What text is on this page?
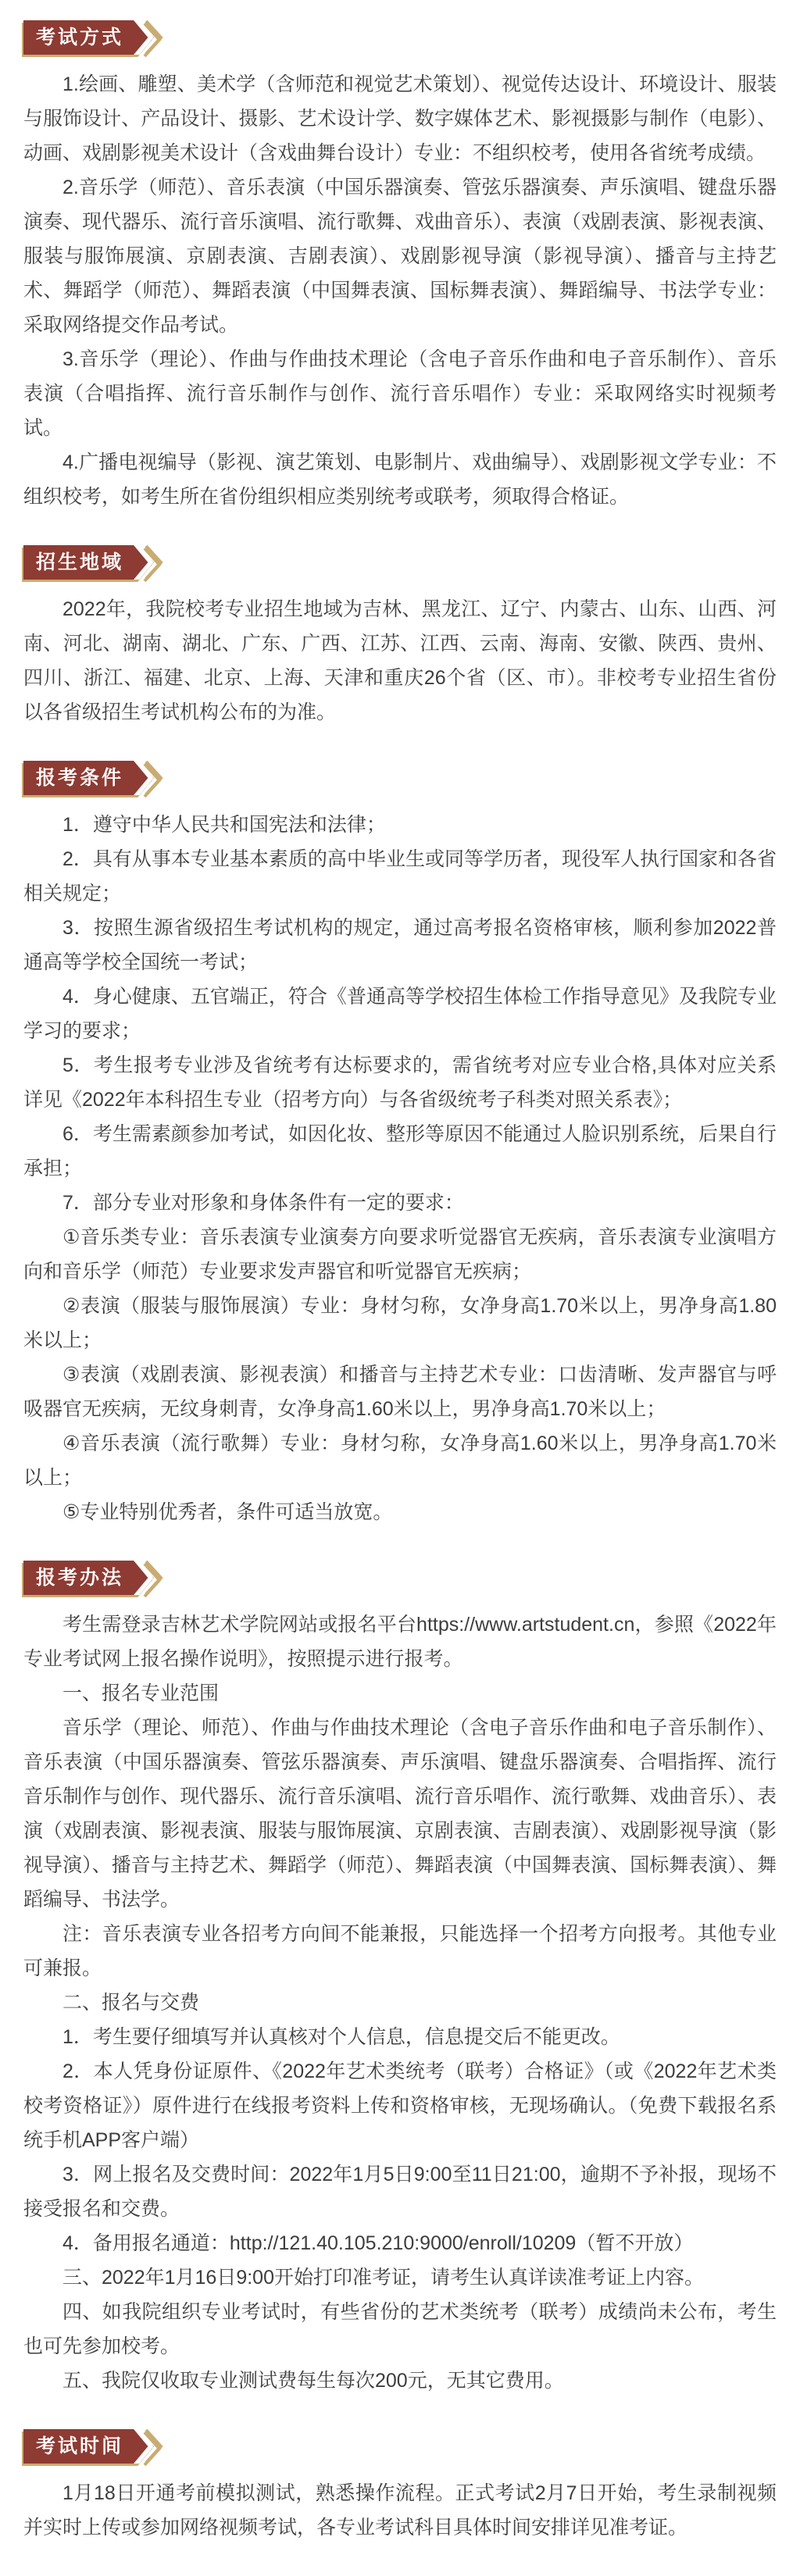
考试方式

1.绘画、雕塑、美术学（含师范和视觉艺术策划）、视觉传达设计、环境设计、服装与服饰设计、产品设计、摄影、艺术设计学、数字媒体艺术、影视摄影与制作（电影）、动画、戏剧影视美术设计（含戏曲舞台设计）专业：不组织校考，使用各省统考成绩。

2.音乐学（师范）、音乐表演（中国乐器演奏、管弦乐器演奏、声乐演唱、键盘乐器演奏、现代器乐、流行音乐演唱、流行歌舞、戏曲音乐）、表演（戏剧表演、影视表演、服装与服饰展演、京剧表演、吉剧表演）、戏剧影视导演（影视导演）、播音与主持艺术、舞蹈学（师范）、舞蹈表演（中国舞表演、国标舞表演）、舞蹈编导、书法学专业：采取网络提交作品考试。

3.音乐学（理论）、作曲与作曲技术理论（含电子音乐作曲和电子音乐制作）、音乐表演（合唱指挥、流行音乐制作与创作、流行音乐唱作）专业：采取网络实时视频考试。

4.广播电视编导（影视、演艺策划、电影制片、戏曲编导）、戏剧影视文学专业：不组织校考，如考生所在省份组织相应类别统考或联考，须取得合格证。

招生地域

2022年，我院校考专业招生地域为吉林、黑龙江、辽宁、内蒙古、山东、山西、河南、河北、湖南、湖北、广东、广西、江苏、江西、云南、海南、安徽、陕西、贵州、四川、浙江、福建、北京、上海、天津和重庆26个省（区、市）。非校考专业招生省份以各省级招生考试机构公布的为准。

报考条件

1．遵守中华人民共和国宪法和法律；

2．具有从事本专业基本素质的高中毕业生或同等学历者，现役军人执行国家和各省相关规定；

3．按照生源省级招生考试机构的规定，通过高考报名资格审核，顺利参加2022普通高等学校全国统一考试；

4．身心健康、五官端正，符合《普通高等学校招生体检工作指导意见》及我院专业学习的要求；

5．考生报考专业涉及省统考有达标要求的，需省统考对应专业合格,具体对应关系详见《2022年本科招生专业（招考方向）与各省级统考子科类对照关系表》；

6．考生需素颜参加考试，如因化妆、整形等原因不能通过人脸识别系统，后果自行承担；

7．部分专业对形象和身体条件有一定的要求：

①音乐类专业：音乐表演专业演奏方向要求听觉器官无疾病，音乐表演专业演唱方向和音乐学（师范）专业要求发声器官和听觉器官无疾病；

②表演（服装与服饰展演）专业：身材匀称，女净身高1.70米以上，男净身高1.80米以上；

③表演（戏剧表演、影视表演）和播音与主持艺术专业：口齿清晰、发声器官与呼吸器官无疾病，无纹身刺青，女净身高1.60米以上，男净身高1.70米以上；

④音乐表演（流行歌舞）专业：身材匀称，女净身高1.60米以上，男净身高1.70米以上；

⑤专业特别优秀者，条件可适当放宽。

报考办法

考生需登录吉林艺术学院网站或报名平台https://www.artstudent.cn，参照《2022年专业考试网上报名操作说明》，按照提示进行报考。

一、报名专业范围

音乐学（理论、师范）、作曲与作曲技术理论（含电子音乐作曲和电子音乐制作）、音乐表演（中国乐器演奏、管弦乐器演奏、声乐演唱、键盘乐器演奏、合唱指挥、流行音乐制作与创作、现代器乐、流行音乐演唱、流行音乐唱作、流行歌舞、戏曲音乐）、表演（戏剧表演、影视表演、服装与服饰展演、京剧表演、吉剧表演）、戏剧影视导演（影视导演）、播音与主持艺术、舞蹈学（师范）、舞蹈表演（中国舞表演、国标舞表演）、舞蹈编导、书法学。

注：音乐表演专业各招考方向间不能兼报，只能选择一个招考方向报考。其他专业可兼报。

二、报名与交费

1．考生要仔细填写并认真核对个人信息，信息提交后不能更改。

2．本人凭身份证原件、《2022年艺术类统考（联考）合格证》（或《2022年艺术类校考资格证》）原件进行在线报考资料上传和资格审核，无现场确认。（免费下载报名系统手机APP客户端）

3．网上报名及交费时间：2022年1月5日9:00至11日21:00，逾期不予补报，现场不接受报名和交费。

4．备用报名通道：http://121.40.105.210:9000/enroll/10209（暂不开放）

三、2022年1月16日9:00开始打印准考证，请考生认真详读准考证上内容。

四、如我院组织专业考试时，有些省份的艺术类统考（联考）成绩尚未公布，考生也可先参加校考。

五、我院仅收取专业测试费每生每次200元，无其它费用。

考试时间

1月18日开通考前模拟测试，熟悉操作流程。正式考试2月7日开始，考生录制视频并实时上传或参加网络视频考试，各专业考试科目具体时间安排详见准考证。
